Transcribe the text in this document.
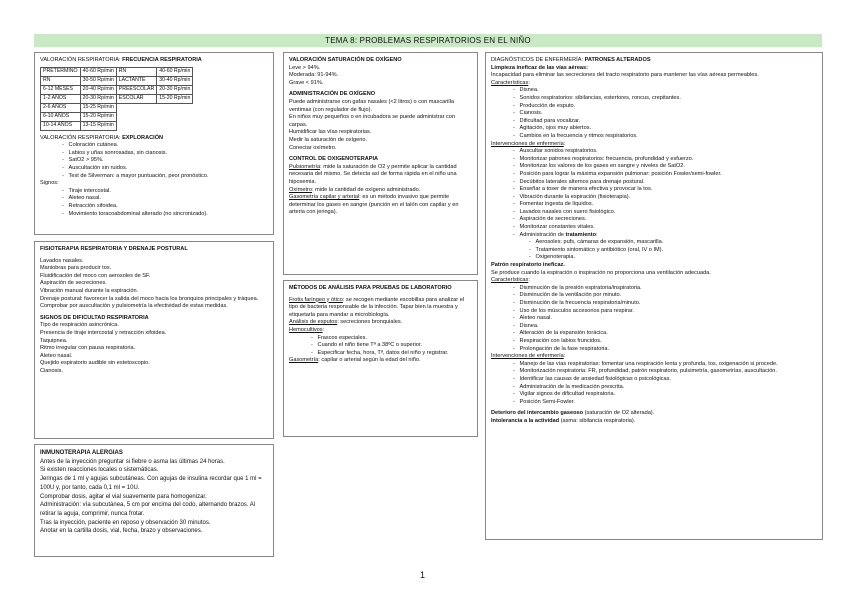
TEMA 8: PROBLEMAS RESPIRATORIOS EN EL NIÑO
VALORACIÓN RESPIRATORIA: FRECUENCIA RESPIRATORIA
PRETÉRMINO	40-60 Rp/min	RN	40-60 Rp/min
RN	30-50 Rp/min	LACTANTE	30-40 Rp/min
6-12 MESES	20-40 Rp/min	PREESCOLAR	20-30 Rp/min
1-2 AÑOS	20-30 Rp/min	ESCOLAR	15-20 Rp/min
2-6 AÑOS	15-25 Rp/min		
6-10 AÑOS	15-20 Rp/min		
10-14 AÑOS	13-15 Rp/min		
VALORACIÓN RESPIRATORIA: EXPLORACIÓN
-   Coloración cutánea.
-   Labios y uñas sonrosadas, sin cianosis.
-   SatO2 > 95%.
-   Auscultación sin ruidos.
-   Test de Silverman: a mayor puntuación, peor pronóstico.
Signos:
-   Tiraje intercostal.
-   Aleteo nasal.
-   Retracción xifoidea.
-   Movimiento toracoabdominal alterado (no sincronizado).
FISIOTERAPIA RESPIRATORIA Y DRENAJE POSTURAL
Lavados nasales.
Maniobras para producir tos.
Fluidificación del moco con aerosoles de SF.
Aspiración de secreciones.
Vibración manual durante la espiración.
Drenaje postural: favorecer la salida del moco hacia los bronquios principales y tráquea.
Comprobar por auscultación y pulsiometría la efectividad de estas medidas.
SIGNOS DE DIFICULTAD RESPIRATORIA
Tipo de respiración asincrónica.
Presencia de tiraje intercostal y retracción xifoidea.
Taquipnea.
Ritmo irregular con pausa respiratoria.
Aleteo nasal.
Quejido espiratorio audible sin estetoscopio.
Cianosis.
INMUNOTERAPIA ALERGIAS
Antes de la inyección preguntar si fiebre o asma las últimas 24 horas.
Si existen reacciones locales o sistemáticas.
Jeringas de 1 ml y agujas subcutáneas. Con agujas de insulina recordar que 1 ml = 100U y, por tanto, cada 0,1 ml = 10U.
Comprobar dosis, agitar el vial suavemente para homogenizar.
Administración: vía subcutánea, 5 cm por encima del codo, alternando brazos. Al retirar la aguja, comprimir, nunca frotar.
Tras la inyección, paciente en reposo y observación 30 minutos.
Anotar en la cartilla dosis, vial, fecha, brazo y observaciones.
VALORACIÓN SATURACIÓN DE OXÍGENO
Leve > 94%.
Moderada: 91-94%.
Grave < 91%.
ADMINISTRACIÓN DE OXÍGENO
Puede administrarse con gafas nasales (<2 litros) o con mascarilla ventimax (con regulador de flujo).
En niños muy pequeños o en incubadora se puede administrar con carpas.
Humidificar las vías respiratorias.
Medir la saturación de oxígeno.
Conectar oxímetro.
CONTROL DE OXIGENOTERAPIA
Pulsiometría: mide la saturación de O2 y permite aplicar la cantidad necesaria del mismo. Se detecta así de forma rápida en el niño una hipoxemia.
Oxímetro: mide la cantidad de oxígeno administrado.
Gasometría capilar y arterial: es un método invasivo que permite determinar los gases en sangre (punción en el talón con capilar y en arteria con jeringa).
MÉTODOS DE ANÁLISIS PARA PRUEBAS DE LABORATORIO
Frotis faríngeo y ótico: se recogen mediante escobillas para analizar el tipo de bacteria responsable de la infección. Tapar bien la muestra y etiquetarla para mandar a microbiología.
Análisis de esputos: secreciones bronquiales.
Hemocultivos:
-   Frascos especiales.
-   Cuando el niño tiene Tª a 38ºC o superior.
-   Especificar fecha, hora, Tª, datos del niño y registrar.
Gasometría: capilar o arterial según la edad del niño.
DIAGNÓSTICOS DE ENFERMERÍA: PATRONES ALTERADOS
Limpieza ineficaz de las vías aéreas:
Incapacidad para eliminar las secreciones del tracto respiratorio para mantener las vías aéreas permeables.
Características:
-   Disnea.
-   Sonidos respiratorios: sibilancias, estertores, roncus, crepitantes.
-   Producción de esputo.
-   Cianosis.
-   Dificultad para vocalizar.
-   Agitación, ojos muy abiertos.
-   Cambios en la frecuencia y ritmos respiratorios.
Intervenciones de enfermería:
-   Auscultar sonidos respiratorios.
-   Monitorizar patrones respiratorios: frecuencia, profundidad y esfuerzo.
-   Monitorizar los valores de los gases en sangre y niveles de SatO2.
-   Posición para lograr la máxima expansión pulmonar: posición Fowler/semi-fowler.
-   Decúbitos laterales alternos para drenaje postural.
-   Enseñar a toser de manera efectiva y provocar la tos.
-   Vibración durante la espiración (fisioterapia).
-   Fomentar ingesta de líquidos.
-   Lavados nasales con suero fisiológico.
-   Aspiración de secreciones.
-   Monitorizar constantes vitales.
-   Administración de tratamiento:
-   Aerosoles: pufs, cámaras de expansión, mascarilla.
-   Tratamiento sintomático y antibiótico (oral, IV o IM).
-   Oxigenoterapia.
Patrón respiratorio ineficaz.
Se produce cuando la espiración o inspiración no proporciona una ventilación adecuada.
Características:
-   Disminución de la presión espiratoria/inspiratoria.
-   Disminución de la ventilación por minuto.
-   Disminución de la frecuencia respiratoria/minuto.
-   Uso de los músculos accesorios para respirar.
-   Aleteo nasal.
-   Disnea.
-   Alteración de la expansión torácica.
-   Respiración con labios fruncidos.
-   Prolongación de la fase respiratoria.
Intervenciones de enfermería:
-   Manejo de las vías respiratorias: fomentar una respiración lenta y profunda, tos, oxigenación si procede.
-   Monitorización respiratoria: FR, profundidad, patrón respiratorio, pulsimetría, gasometrías, auscultación.
-   Identificar las causas de ansiedad fisiológicas o psicológicas.
-   Administración de la medicación prescrita.
-   Vigilar signos de dificultad respiratoria.
-   Posición Semi-Fowler.
Deterioro del intercambio gaseoso (saturación de O2 alterada).
Intolerancia a la actividad (asma: sibilancia respiratoria).
1
